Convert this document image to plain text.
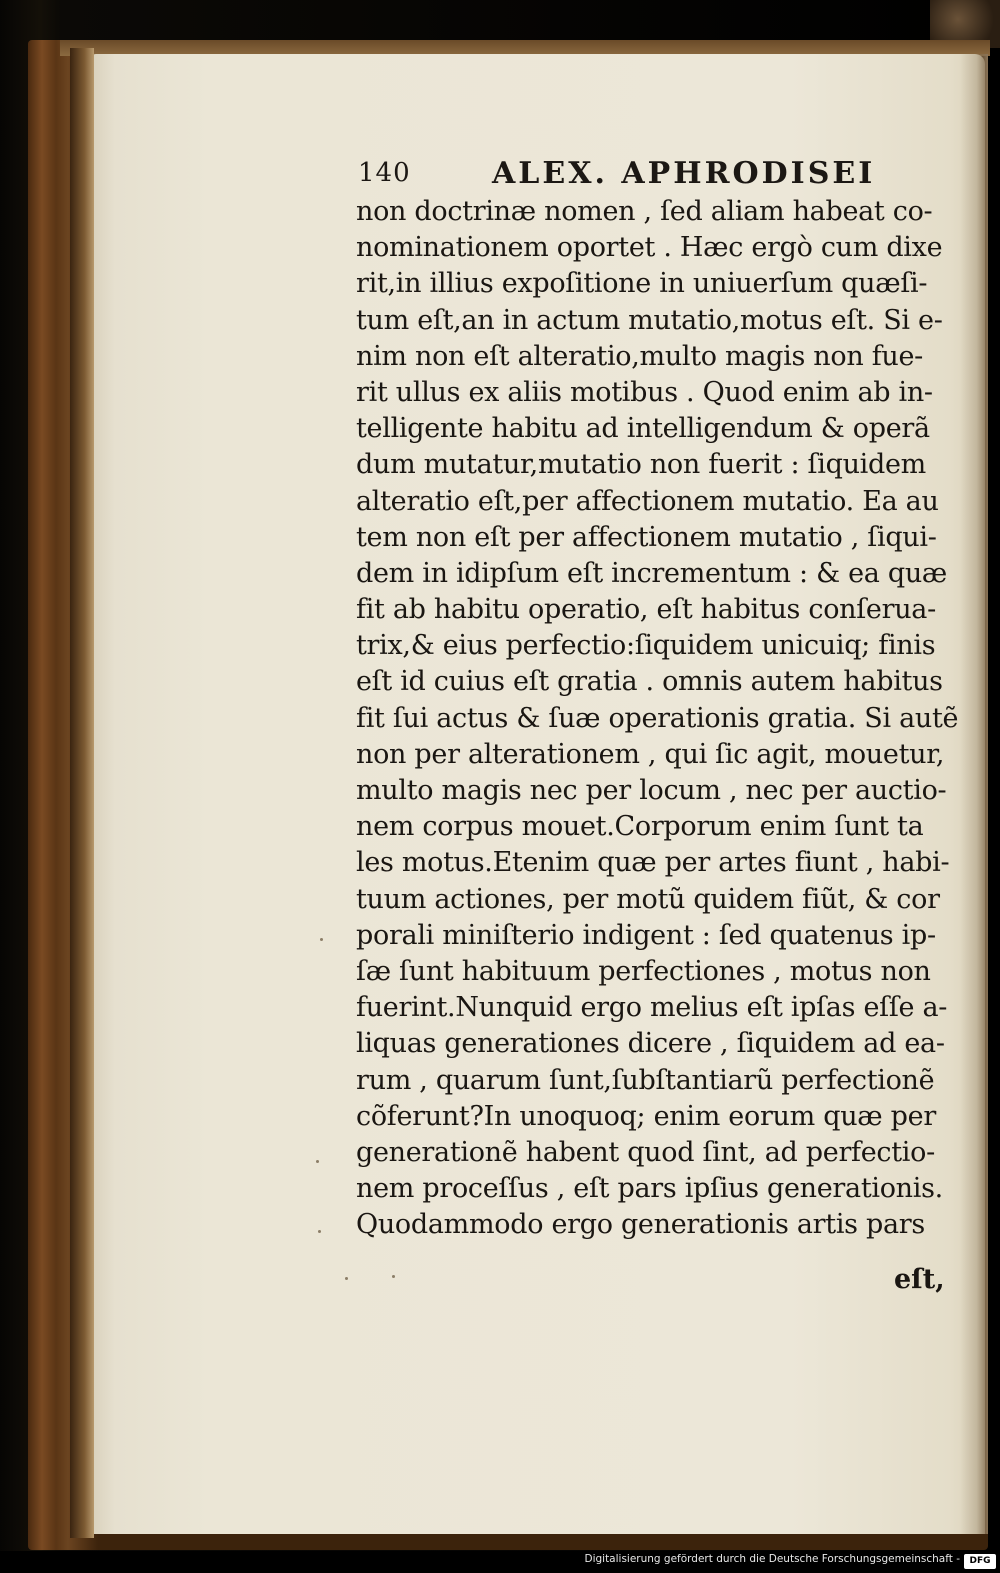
140	ALEX. APHRODISEI
non doctrinæ nomen , ſed aliam habeat co-
nominationem oportet . Hæc ergò cum dixe
rit,in illius expoſitione in uniuerſum quæſi-
tum eſt,an in actum mutatio,motus eſt. Si e-
nim non eſt alteratio,multo magis non fue-
rit ullus ex aliis motibus . Quod enim ab in-
telligente habitu ad intelligendum & operã
dum mutatur,mutatio non fuerit : ſiquidem
alteratio eſt,per affectionem mutatio. Ea au
tem non eſt per affectionem mutatio , ſiqui-
dem in idipſum eſt incrementum : & ea quæ
fit ab habitu operatio, eſt habitus conſerua-
trix,& eius perfectio:ſiquidem unicuiq; finis
eſt id cuius eſt gratia . omnis autem habitus
fit ſui actus & ſuæ operationis gratia. Si autẽ
non per alterationem , qui ſic agit, mouetur,
multo magis nec per locum , nec per auctio-
nem corpus mouet.Corporum enim ſunt ta
les motus.Etenim quæ per artes fiunt , habi-
tuum actiones, per motũ quidem fiũt, & cor
porali miniſterio indigent : ſed quatenus ip-
ſæ ſunt habituum perfectiones , motus non
fuerint.Nunquid ergo melius eſt ipſas eſſe a-
liquas generationes dicere , ſiquidem ad ea-
rum , quarum ſunt,ſubſtantiarũ perfectionẽ
cõferunt?In unoquoq; enim eorum quæ per
generationẽ habent quod ſint, ad perfectio-
nem proceſſus , eſt pars ipſius generationis.
Quodammodo ergo generationis artis pars
eſt,
Digitalisierung gefördert durch die Deutsche Forschungsgemeinschaft -	DFG
